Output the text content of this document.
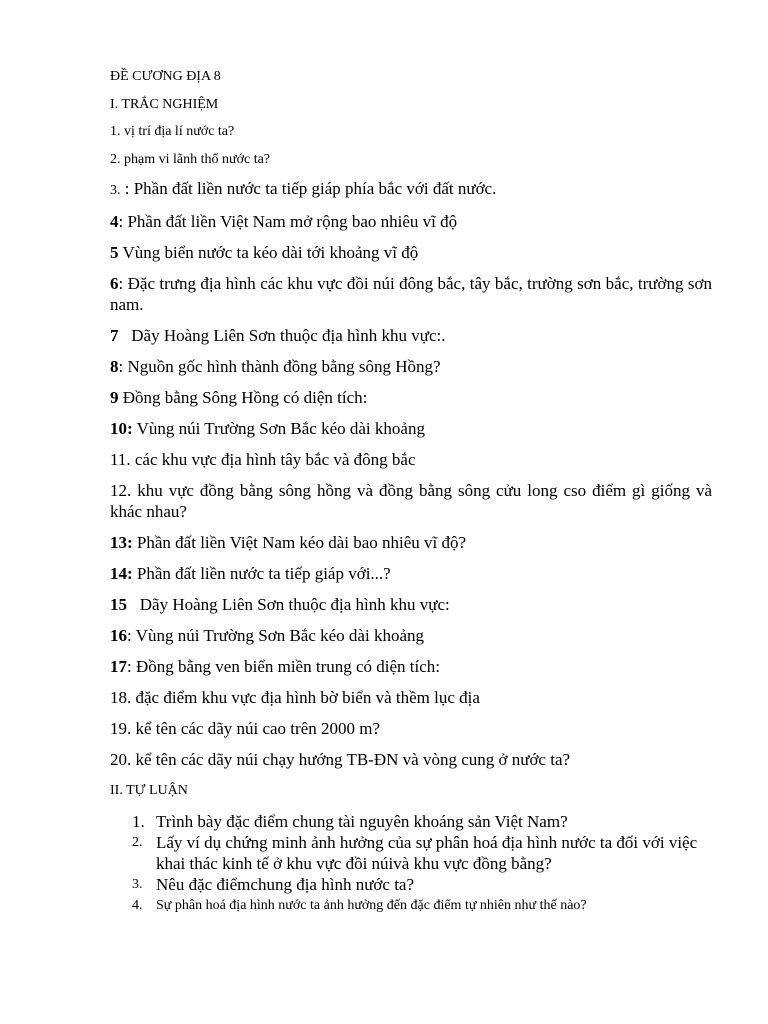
ĐỀ CƯƠNG ĐỊA 8

I. TRẮC NGHIỆM

1. vị trí địa lí nước ta?

2. phạm vi lãnh thổ nước ta?

3. : Phần đất liền nước ta tiếp giáp phía bắc với đất nước.

4: Phần đất liền Việt Nam mở rộng bao nhiêu vĩ độ

5 Vùng biển nước ta kéo dài tới khoảng vĩ độ

6: Đặc trưng địa hình các khu vực đồi núi đông bắc, tây bắc, trường sơn bắc, trường sơn nam.

7   Dãy Hoàng Liên Sơn thuộc địa hình khu vực:.

8: Nguồn gốc hình thành đồng bằng sông Hồng?

9 Đồng bằng Sông Hồng có diện tích:

10: Vùng núi Trường Sơn Bắc kéo dài khoảng

11. các khu vực địa hình tây bắc và đông bắc

12. khu vực đồng bằng sông hồng và đồng bằng sông cửu long cso điểm gì giống và khác nhau?

13: Phần đất liền Việt Nam kéo dài bao nhiêu vĩ độ?

14: Phần đất liền nước ta tiếp giáp với...?

15   Dãy Hoàng Liên Sơn thuộc địa hình khu vực:

16: Vùng núi Trường Sơn Bắc kéo dài khoảng

17: Đồng bằng ven biển miền trung có diện tích:

18. đặc điểm khu vực địa hình bờ biển và thềm lục địa

19. kể tên các dãy núi cao trên 2000 m?

20. kể tên các dãy núi chạy hướng TB-ĐN và vòng cung ở nước ta?

II. TỰ LUẬN

1. Trình bày đặc điểm chung tài nguyên khoáng sản Việt Nam?
2. Lấy ví dụ chứng minh ảnh hưởng của sự phân hoá địa hình nước ta đối với việc khai thác kinh tế ở khu vực đồi núivà khu vực đồng bằng?
3. Nêu đặc điểmchung địa hình nước ta?
4. Sự phân hoá địa hình nước ta ảnh hưởng đến đặc điểm tự nhiên như thế nào?
